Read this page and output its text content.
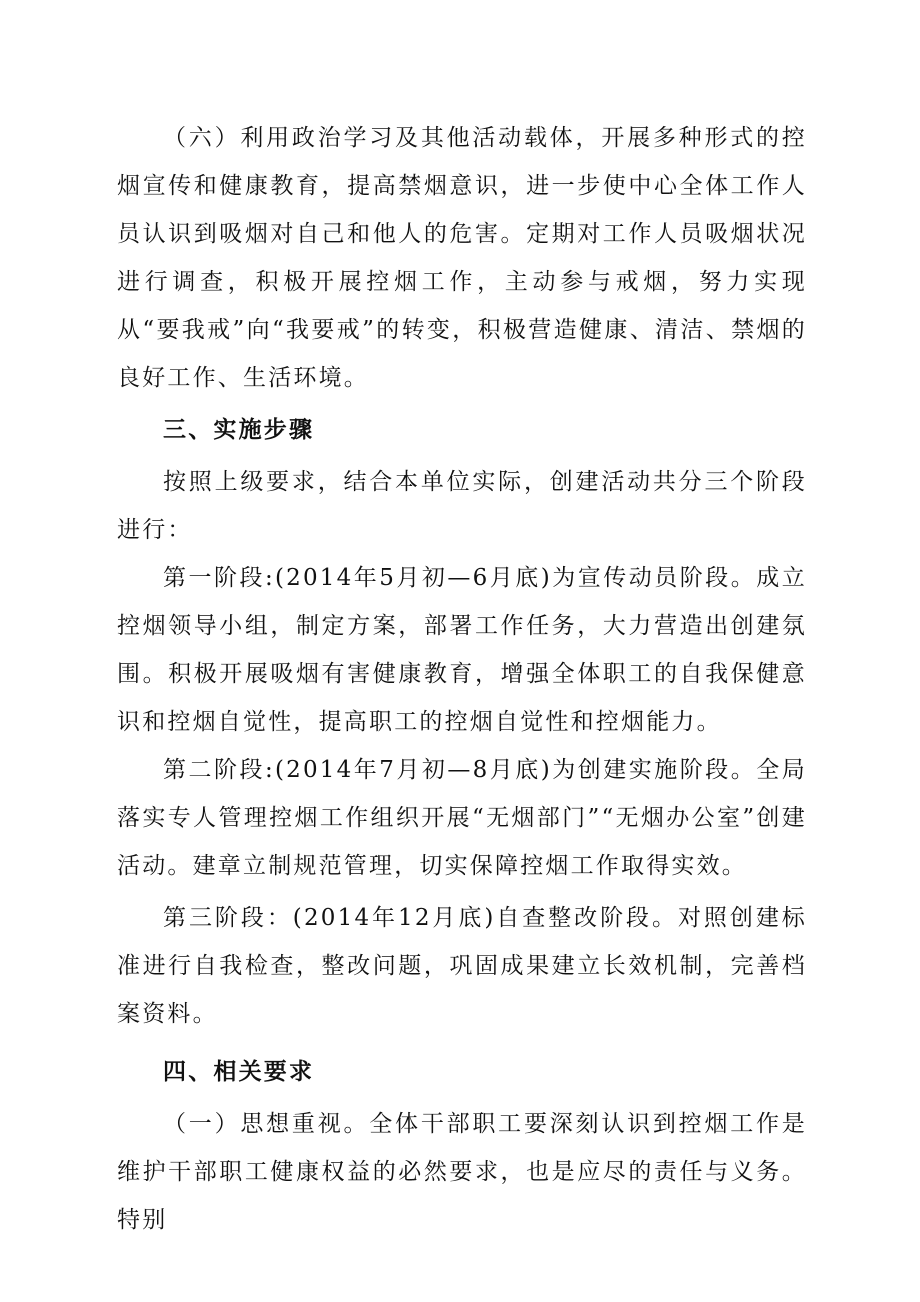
（六）利用政治学习及其他活动载体，开展多种形式的控烟宣传和健康教育，提高禁烟意识，进一步使中心全体工作人员认识到吸烟对自己和他人的危害。定期对工作人员吸烟状况进行调查，积极开展控烟工作，主动参与戒烟，努力实现从“要我戒”向“我要戒”的转变，积极营造健康、清洁、禁烟的良好工作、生活环境。

三、实施步骤

按照上级要求，结合本单位实际，创建活动共分三个阶段进行：

第一阶段:(2014年5月初—6月底)为宣传动员阶段。成立控烟领导小组，制定方案，部署工作任务，大力营造出创建氛围。积极开展吸烟有害健康教育，增强全体职工的自我保健意识和控烟自觉性，提高职工的控烟自觉性和控烟能力。

第二阶段:(2014年7月初—8月底)为创建实施阶段。全局落实专人管理控烟工作组织开展“无烟部门”“无烟办公室”创建活动。建章立制规范管理，切实保障控烟工作取得实效。

第三阶段：(2014年12月底)自查整改阶段。对照创建标准进行自我检查，整改问题，巩固成果建立长效机制，完善档案资料。

四、相关要求

（一）思想重视。全体干部职工要深刻认识到控烟工作是维护干部职工健康权益的必然要求，也是应尽的责任与义务。特别
